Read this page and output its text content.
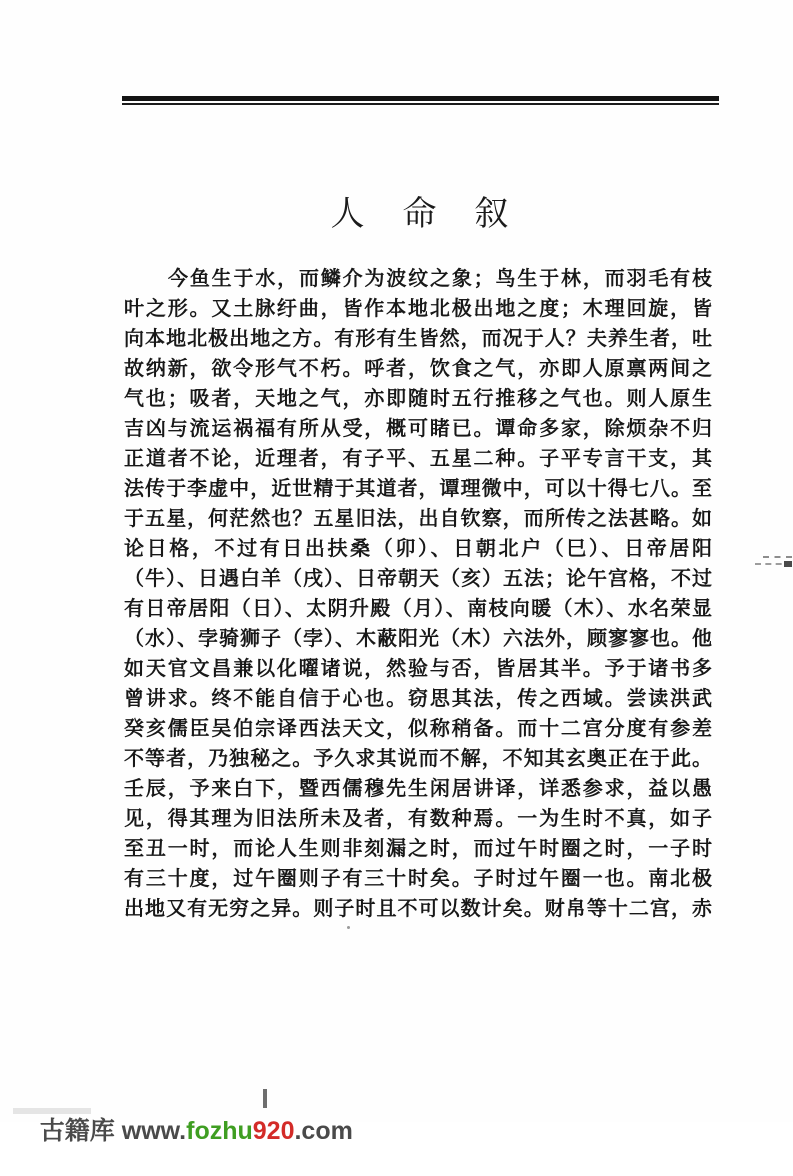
人　命　叙

今鱼生于水，而鳞介为波纹之象；鸟生于林，而羽毛有枝

叶之形。又土脉纡曲，皆作本地北极出地之度；木理回旋，皆

向本地北极出地之方。有形有生皆然，而况于人？夫养生者，吐

故纳新，欲令形气不朽。呼者，饮食之气，亦即人原禀两间之

气也；吸者，天地之气，亦即随时五行推移之气也。则人原生

吉凶与流运祸福有所从受，概可睹已。谭命多家，除烦杂不归

正道者不论，近理者，有子平、五星二种。子平专言干支，其

法传于李虚中，近世精于其道者，谭理微中，可以十得七八。至

于五星，何茫然也？五星旧法，出自钦察，而所传之法甚略。如

论日格，不过有日出扶桑（卯）、日朝北户（巳）、日帝居阳

（牛）、日遇白羊（戌）、日帝朝天（亥）五法；论午宫格，不过

有日帝居阳（日）、太阴升殿（月）、南枝向暖（木）、水名荣显

（水）、孛骑狮子（孛）、木蔽阳光（木）六法外，顾寥寥也。他

如天官文昌兼以化曜诸说，然验与否，皆居其半。予于诸书多

曾讲求。终不能自信于心也。窃思其法，传之西域。尝读洪武

癸亥儒臣吴伯宗译西法天文，似称稍备。而十二宫分度有参差

不等者，乃独秘之。予久求其说而不解，不知其玄奥正在于此。

壬辰，予来白下，暨西儒穆先生闲居讲译，详悉参求，益以愚

见，得其理为旧法所未及者，有数种焉。一为生时不真，如子

至丑一时，而论人生则非刻漏之时，而过午时圈之时，一子时

有三十度，过午圈则子有三十时矣。子时过午圈一也。南北极

出地又有无穷之异。则子时且不可以数计矣。财帛等十二宫，赤

古籍库 www.fozhu920.com
